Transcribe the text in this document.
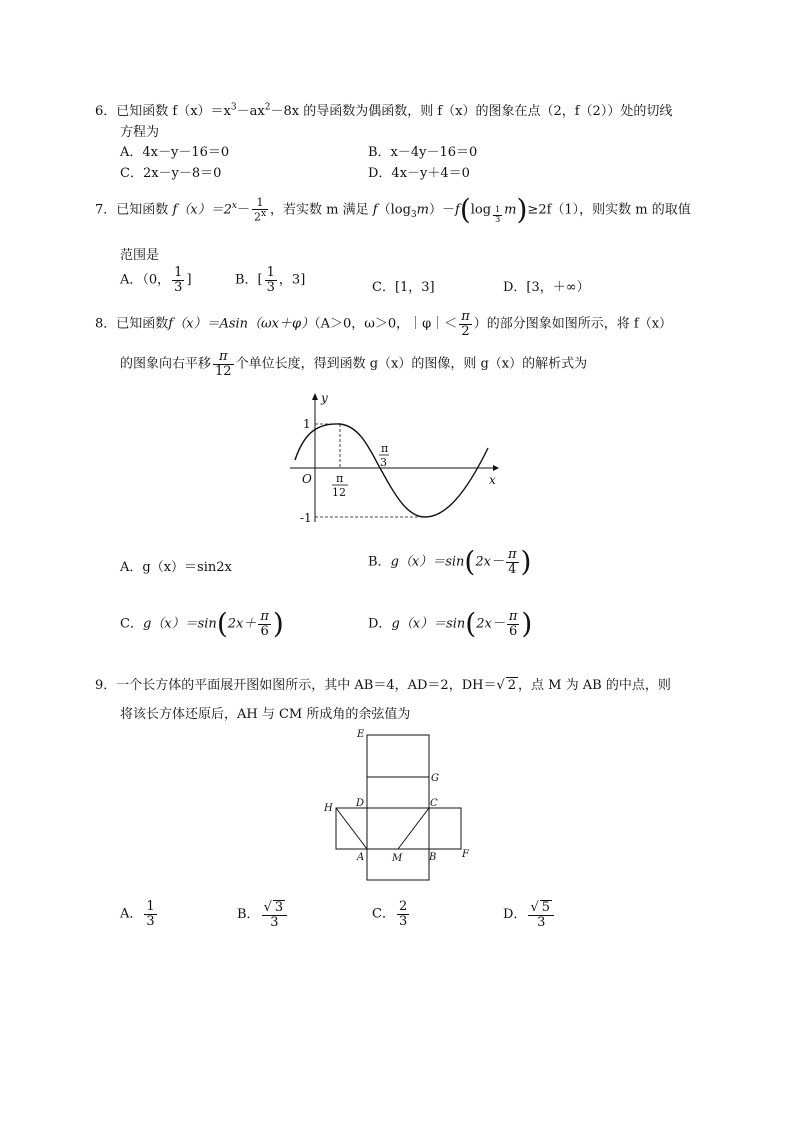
6．已知函数 $f(x)=x^3-ax^2-8x$ 的导函数为偶函数，则 f（x）的图象在点（2，f（2））处的切线
方程为
A．4x－y－16＝0	B．x－4y－16＝0
C．2x－y－8＝0	D．4x－y＋4＝0
7．已知函数 $f(x)=2^x- \frac{1}{2^x}$ ，若实数 m 满足 $f(\log_3m)-f(\log \frac{1}{3} m)\ge 2f(1)$，则实数 m 的取值
范围是
A．（0， $\frac{1}{3}$ ]	B．[ $\frac{1}{3}$ ，3]	C．[1，3]	D．[3，＋∞）
8．已知函数f（x）＝Asin（ωx＋φ）（A＞0，ω＞0，｜φ｜＜ $\frac{\pi}{2}$ ）的部分图象如图所示，将 f（x）
的图象向右平移 $\frac{\pi}{12}$ 个单位长度，得到函数 g（x）的图像，则 g（x）的解析式为
y
1
-1
O	x
π
12
π
3
A．g（x）＝sin2x	B．$g(x)=\sin(2x- \frac{\pi}{4}$ )
C．$g(x)=\sin(2x+ \frac{\pi}{6}$ )	D．$g(x)=\sin(2x- \frac{\pi}{6}$ )
9．一个长方体的平面展开图如图所示，其中 AB＝4，AD＝2，DH＝√ 2 ，点 M 为 AB 的中点，则
将该长方体还原后，AH 与 CM 所成角的余弦值为
E
G
H D	C
A	M	B	F
A． $\frac{1}{3}$	B． $\frac{√ 3}{3}$	C． $\frac{2}{3}$	D． $\frac{√ 5}{3}$
